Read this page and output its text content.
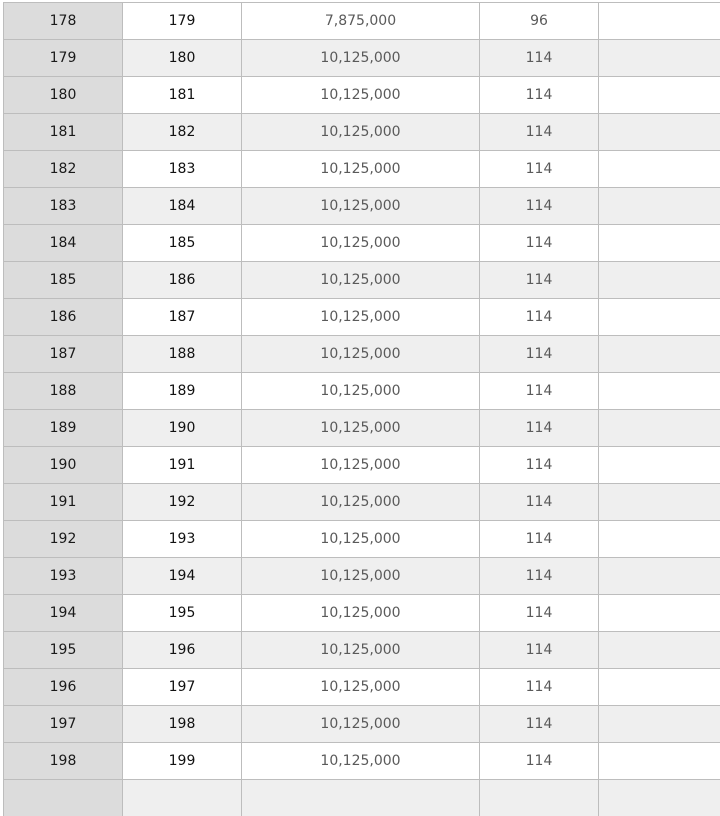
178	179	7,875,000	96	
179	180	10,125,000	114	
180	181	10,125,000	114	
181	182	10,125,000	114	
182	183	10,125,000	114	
183	184	10,125,000	114	
184	185	10,125,000	114	
185	186	10,125,000	114	
186	187	10,125,000	114	
187	188	10,125,000	114	
188	189	10,125,000	114	
189	190	10,125,000	114	
190	191	10,125,000	114	
191	192	10,125,000	114	
192	193	10,125,000	114	
193	194	10,125,000	114	
194	195	10,125,000	114	
195	196	10,125,000	114	
196	197	10,125,000	114	
197	198	10,125,000	114	
198	199	10,125,000	114	
